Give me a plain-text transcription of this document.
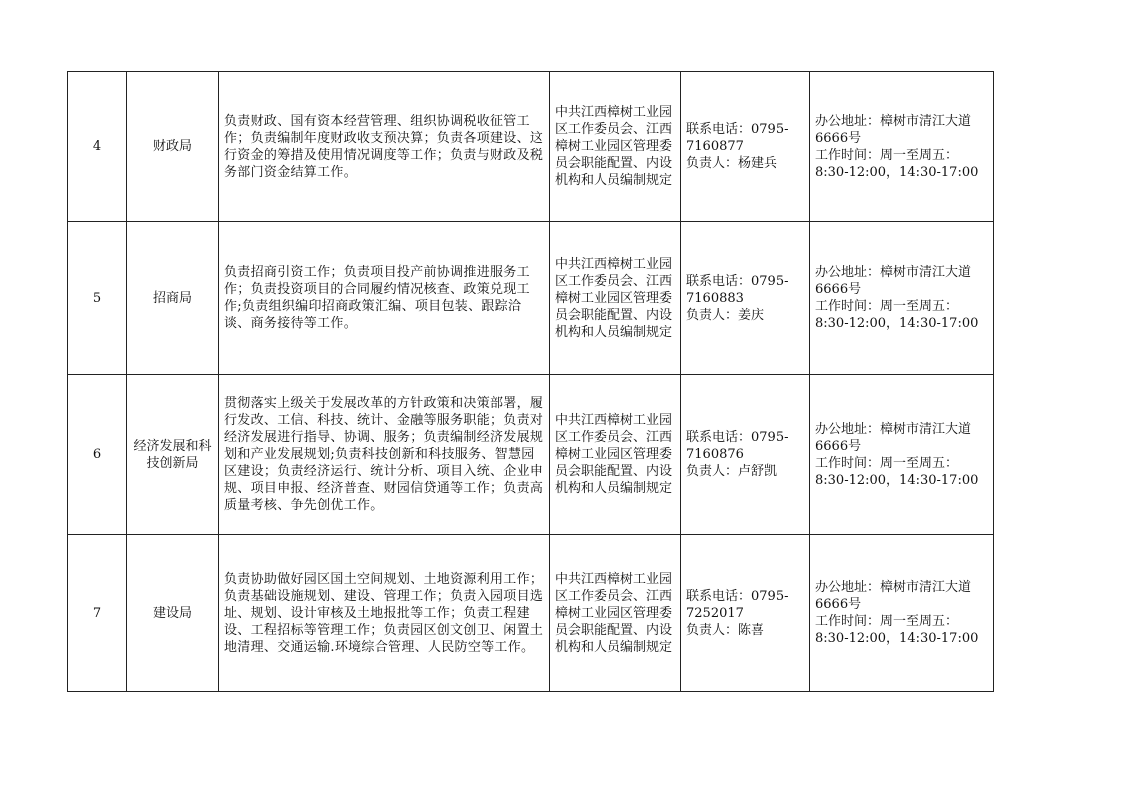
4	财政局	负责财政、国有资本经营管理、组织协调税收征管工作；负责编制年度财政收支预决算；负责各项建设、这行资金的筹措及使用情况调度等工作；负责与财政及税务部门资金结算工作。	中共江西樟树工业园区工作委员会、江西樟树工业园区管理委员会职能配置、内设机构和人员编制规定	联系电话：0795-
7160877
负责人：杨建兵	办公地址：樟树市清江大道6666号
工作时间：周一至周五：
8:30-12:00，14:30-17:00

5	招商局	负责招商引资工作；负责项目投产前协调推进服务工作；负责投资项目的合同履约情况核查、政策兑现工作;负责组织编印招商政策汇编、项目包装、跟踪洽谈、商务接待等工作。	中共江西樟树工业园区工作委员会、江西樟树工业园区管理委员会职能配置、内设机构和人员编制规定	联系电话：0795-
7160883
负责人：姜庆	办公地址：樟树市清江大道6666号
工作时间：周一至周五：
8:30-12:00，14:30-17:00

6	经济发展和科技创新局	贯彻落实上级关于发展改革的方针政策和决策部署，履行发改、工信、科技、统计、金融等服务职能；负责对经济发展进行指导、协调、服务；负责编制经济发展规划和产业发展规划;负责科技创新和科技服务、智慧园区建设；负责经济运行、统计分析、项目入统、企业申规、项目申报、经济普查、财园信贷通等工作；负责高质量考核、争先创优工作。	中共江西樟树工业园区工作委员会、江西樟树工业园区管理委员会职能配置、内设机构和人员编制规定	联系电话：0795-
7160876
负责人：卢舒凯	办公地址：樟树市清江大道6666号
工作时间：周一至周五：
8:30-12:00，14:30-17:00

7	建设局	负责协助做好园区国土空间规划、土地资源利用工作；负责基础设施规划、建设、管理工作；负责入园项目选址、规划、设计审核及土地报批等工作；负责工程建设、工程招标等管理工作；负责园区创文创卫、闲置土地清理、交通运输.环境综合管理、人民防空等工作。	中共江西樟树工业园区工作委员会、江西樟树工业园区管理委员会职能配置、内设机构和人员编制规定	联系电话：0795-
7252017
负责人：陈喜	办公地址：樟树市清江大道6666号
工作时间：周一至周五：
8:30-12:00，14:30-17:00
